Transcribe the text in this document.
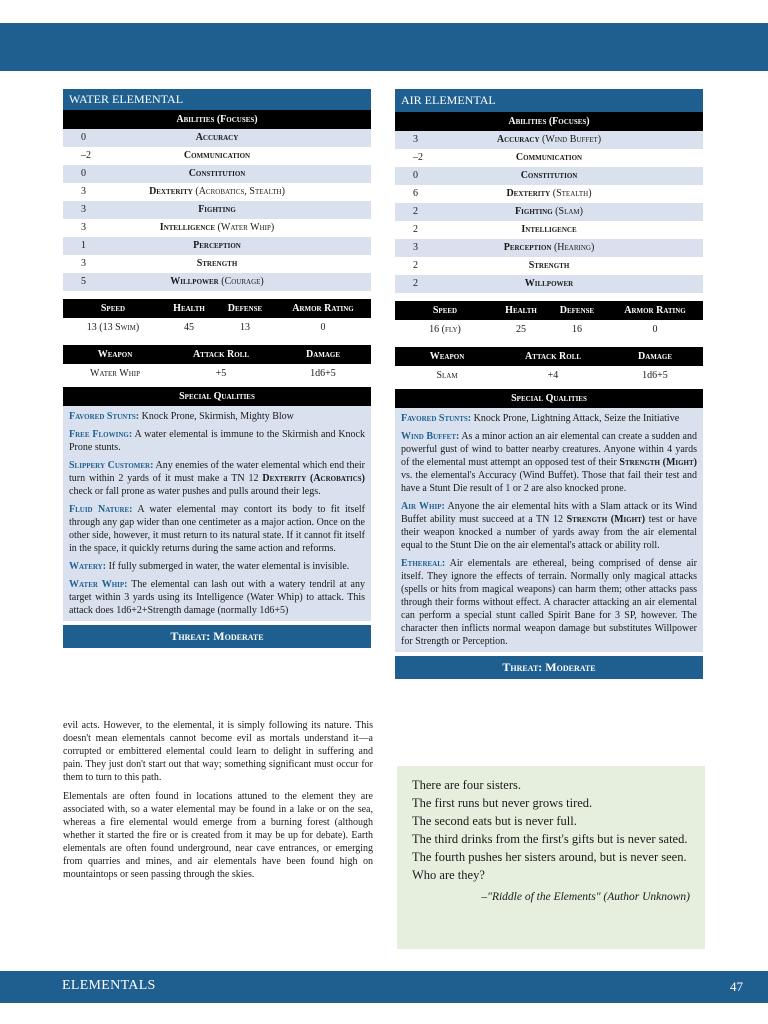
WATER ELEMENTAL
Abilities (Focuses)
0	Accuracy
–2	Communication
0	Constitution
3	Dexterity (Acrobatics, Stealth)
3	Fighting
3	Intelligence (Water Whip)
1	Perception
3	Strength
5	Willpower (Courage)
Speed	Health	Defense	Armor Rating
13 (13 Swim)	45	13	0
Weapon	Attack Roll	Damage
Water Whip	+5	1d6+5
Special Qualities

Favored Stunts: Knock Prone, Skirmish, Mighty Blow

Free Flowing: A water elemental is immune to the Skirmish and Knock Prone stunts.

Slippery Customer: Any enemies of the water elemental which end their turn within 2 yards of it must make a TN 12 Dexterity (Acrobatics) check or fall prone as water pushes and pulls around their legs.

Fluid Nature: A water elemental may contort its body to fit itself through any gap wider than one centimeter as a major action. Once on the other side, however, it must return to its natural state. If it cannot fit itself in the space, it quickly returns during the same action and reforms.

Watery: If fully submerged in water, the water elemental is invisible.

Water Whip: The elemental can lash out with a watery tendril at any target within 3 yards using its Intelligence (Water Whip) to attack. This attack does 1d6+2+Strength damage (normally 1d6+5)

Threat: Moderate
AIR ELEMENTAL
Abilities (Focuses)
3	Accuracy (Wind Buffet)
–2	Communication
0	Constitution
6	Dexterity (Stealth)
2	Fighting (Slam)
2	Intelligence
3	Perception (Hearing)
2	Strength
2	Willpower
Speed	Health	Defense	Armor Rating
16 (fly)	25	16	0
Weapon	Attack Roll	Damage
Slam	+4	1d6+5
Special Qualities

Favored Stunts: Knock Prone, Lightning Attack, Seize the Initiative

Wind Buffet: As a minor action an air elemental can create a sudden and powerful gust of wind to batter nearby creatures. Anyone within 4 yards of the elemental must attempt an opposed test of their Strength (Might) vs. the elemental's Accuracy (Wind Buffet). Those that fail their test and have a Stunt Die result of 1 or 2 are also knocked prone.

Air Whip: Anyone the air elemental hits with a Slam attack or its Wind Buffet ability must succeed at a TN 12 Strength (Might) test or have their weapon knocked a number of yards away from the air elemental equal to the Stunt Die on the air elemental's attack or ability roll.

Ethereal: Air elementals are ethereal, being comprised of dense air itself. They ignore the effects of terrain. Normally only magical attacks (spells or hits from magical weapons) can harm them; other attacks pass through their forms without effect. A character attacking an air elemental can perform a special stunt called Spirit Bane for 3 SP, however. The character then inflicts normal weapon damage but substitutes Willpower for Strength or Perception.

Threat: Moderate

evil acts. However, to the elemental, it is simply following its nature. This doesn't mean elementals cannot become evil as mortals understand it—a corrupted or embittered elemental could learn to delight in suffering and pain. They just don't start out that way; something significant must occur for them to turn to this path.

Elementals are often found in locations attuned to the element they are associated with, so a water elemental may be found in a lake or on the sea, whereas a fire elemental would emerge from a burning forest (although whether it started the fire or is created from it may be up for debate). Earth elementals are often found underground, near cave entrances, or emerging from quarries and mines, and air elementals have been found high on mountaintops or seen passing through the skies.

There are four sisters.

The first runs but never grows tired.

The second eats but is never full.

The third drinks from the first's gifts but is never sated.

The fourth pushes her sisters around, but is never seen.

Who are they?

–"Riddle of the Elements" (Author Unknown)

ELEMENTALS	47
